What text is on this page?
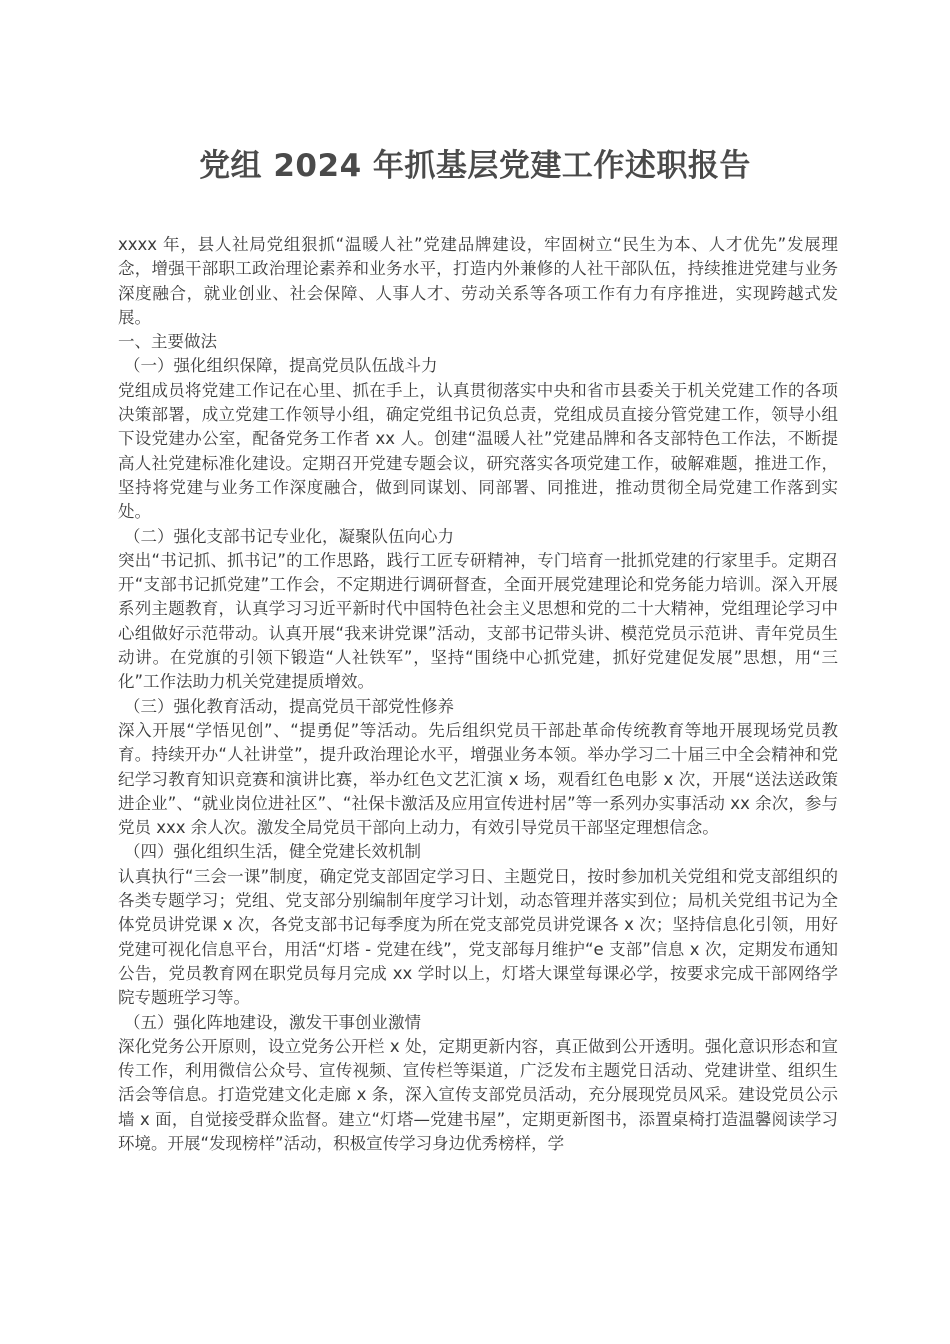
党组 2024 年抓基层党建工作述职报告

xxxx 年，县人社局党组狠抓“温暖人社”党建品牌建设，牢固树立“民生为本、人才优先”发展理念，增强干部职工政治理论素养和业务水平，打造内外兼修的人社干部队伍，持续推进党建与业务深度融合，就业创业、社会保障、人事人才、劳动关系等各项工作有力有序推进，实现跨越式发展。

一、主要做法

（一）强化组织保障，提高党员队伍战斗力

党组成员将党建工作记在心里、抓在手上，认真贯彻落实中央和省市县委关于机关党建工作的各项决策部署，成立党建工作领导小组，确定党组书记负总责，党组成员直接分管党建工作，领导小组下设党建办公室，配备党务工作者 xx 人。创建“温暖人社”党建品牌和各支部特色工作法，不断提高人社党建标准化建设。定期召开党建专题会议，研究落实各项党建工作，破解难题，推进工作，坚持将党建与业务工作深度融合，做到同谋划、同部署、同推进，推动贯彻全局党建工作落到实处。

（二）强化支部书记专业化，凝聚队伍向心力

突出“书记抓、抓书记”的工作思路，践行工匠专研精神，专门培育一批抓党建的行家里手。定期召开“支部书记抓党建”工作会，不定期进行调研督查，全面开展党建理论和党务能力培训。深入开展系列主题教育，认真学习习近平新时代中国特色社会主义思想和党的二十大精神，党组理论学习中心组做好示范带动。认真开展“我来讲党课”活动，支部书记带头讲、模范党员示范讲、青年党员生动讲。在党旗的引领下锻造“人社铁军”，坚持“围绕中心抓党建，抓好党建促发展”思想，用“三化”工作法助力机关党建提质增效。

（三）强化教育活动，提高党员干部党性修养

深入开展“学悟见创”、“提勇促”等活动。先后组织党员干部赴革命传统教育等地开展现场党员教育。持续开办“人社讲堂”，提升政治理论水平，增强业务本领。举办学习二十届三中全会精神和党纪学习教育知识竞赛和演讲比赛，举办红色文艺汇演 x 场，观看红色电影 x 次，开展“送法送政策进企业”、“就业岗位进社区”、“社保卡激活及应用宣传进村居”等一系列办实事活动 xx 余次，参与党员 xxx 余人次。激发全局党员干部向上动力，有效引导党员干部坚定理想信念。

（四）强化组织生活，健全党建长效机制

认真执行“三会一课”制度，确定党支部固定学习日、主题党日，按时参加机关党组和党支部组织的各类专题学习；党组、党支部分别编制年度学习计划，动态管理并落实到位；局机关党组书记为全体党员讲党课 x 次，各党支部书记每季度为所在党支部党员讲党课各 x 次；坚持信息化引领，用好党建可视化信息平台，用活“灯塔 - 党建在线”，党支部每月维护“e 支部”信息 x 次，定期发布通知公告，党员教育网在职党员每月完成 xx 学时以上，灯塔大课堂每课必学，按要求完成干部网络学院专题班学习等。

（五）强化阵地建设，激发干事创业激情

深化党务公开原则，设立党务公开栏 x 处，定期更新内容，真正做到公开透明。强化意识形态和宣传工作，利用微信公众号、宣传视频、宣传栏等渠道，广泛发布主题党日活动、党建讲堂、组织生活会等信息。打造党建文化走廊 x 条，深入宣传支部党员活动，充分展现党员风采。建设党员公示墙 x 面，自觉接受群众监督。建立“灯塔—党建书屋”，定期更新图书，添置桌椅打造温馨阅读学习环境。开展“发现榜样”活动，积极宣传学习身边优秀榜样，学
